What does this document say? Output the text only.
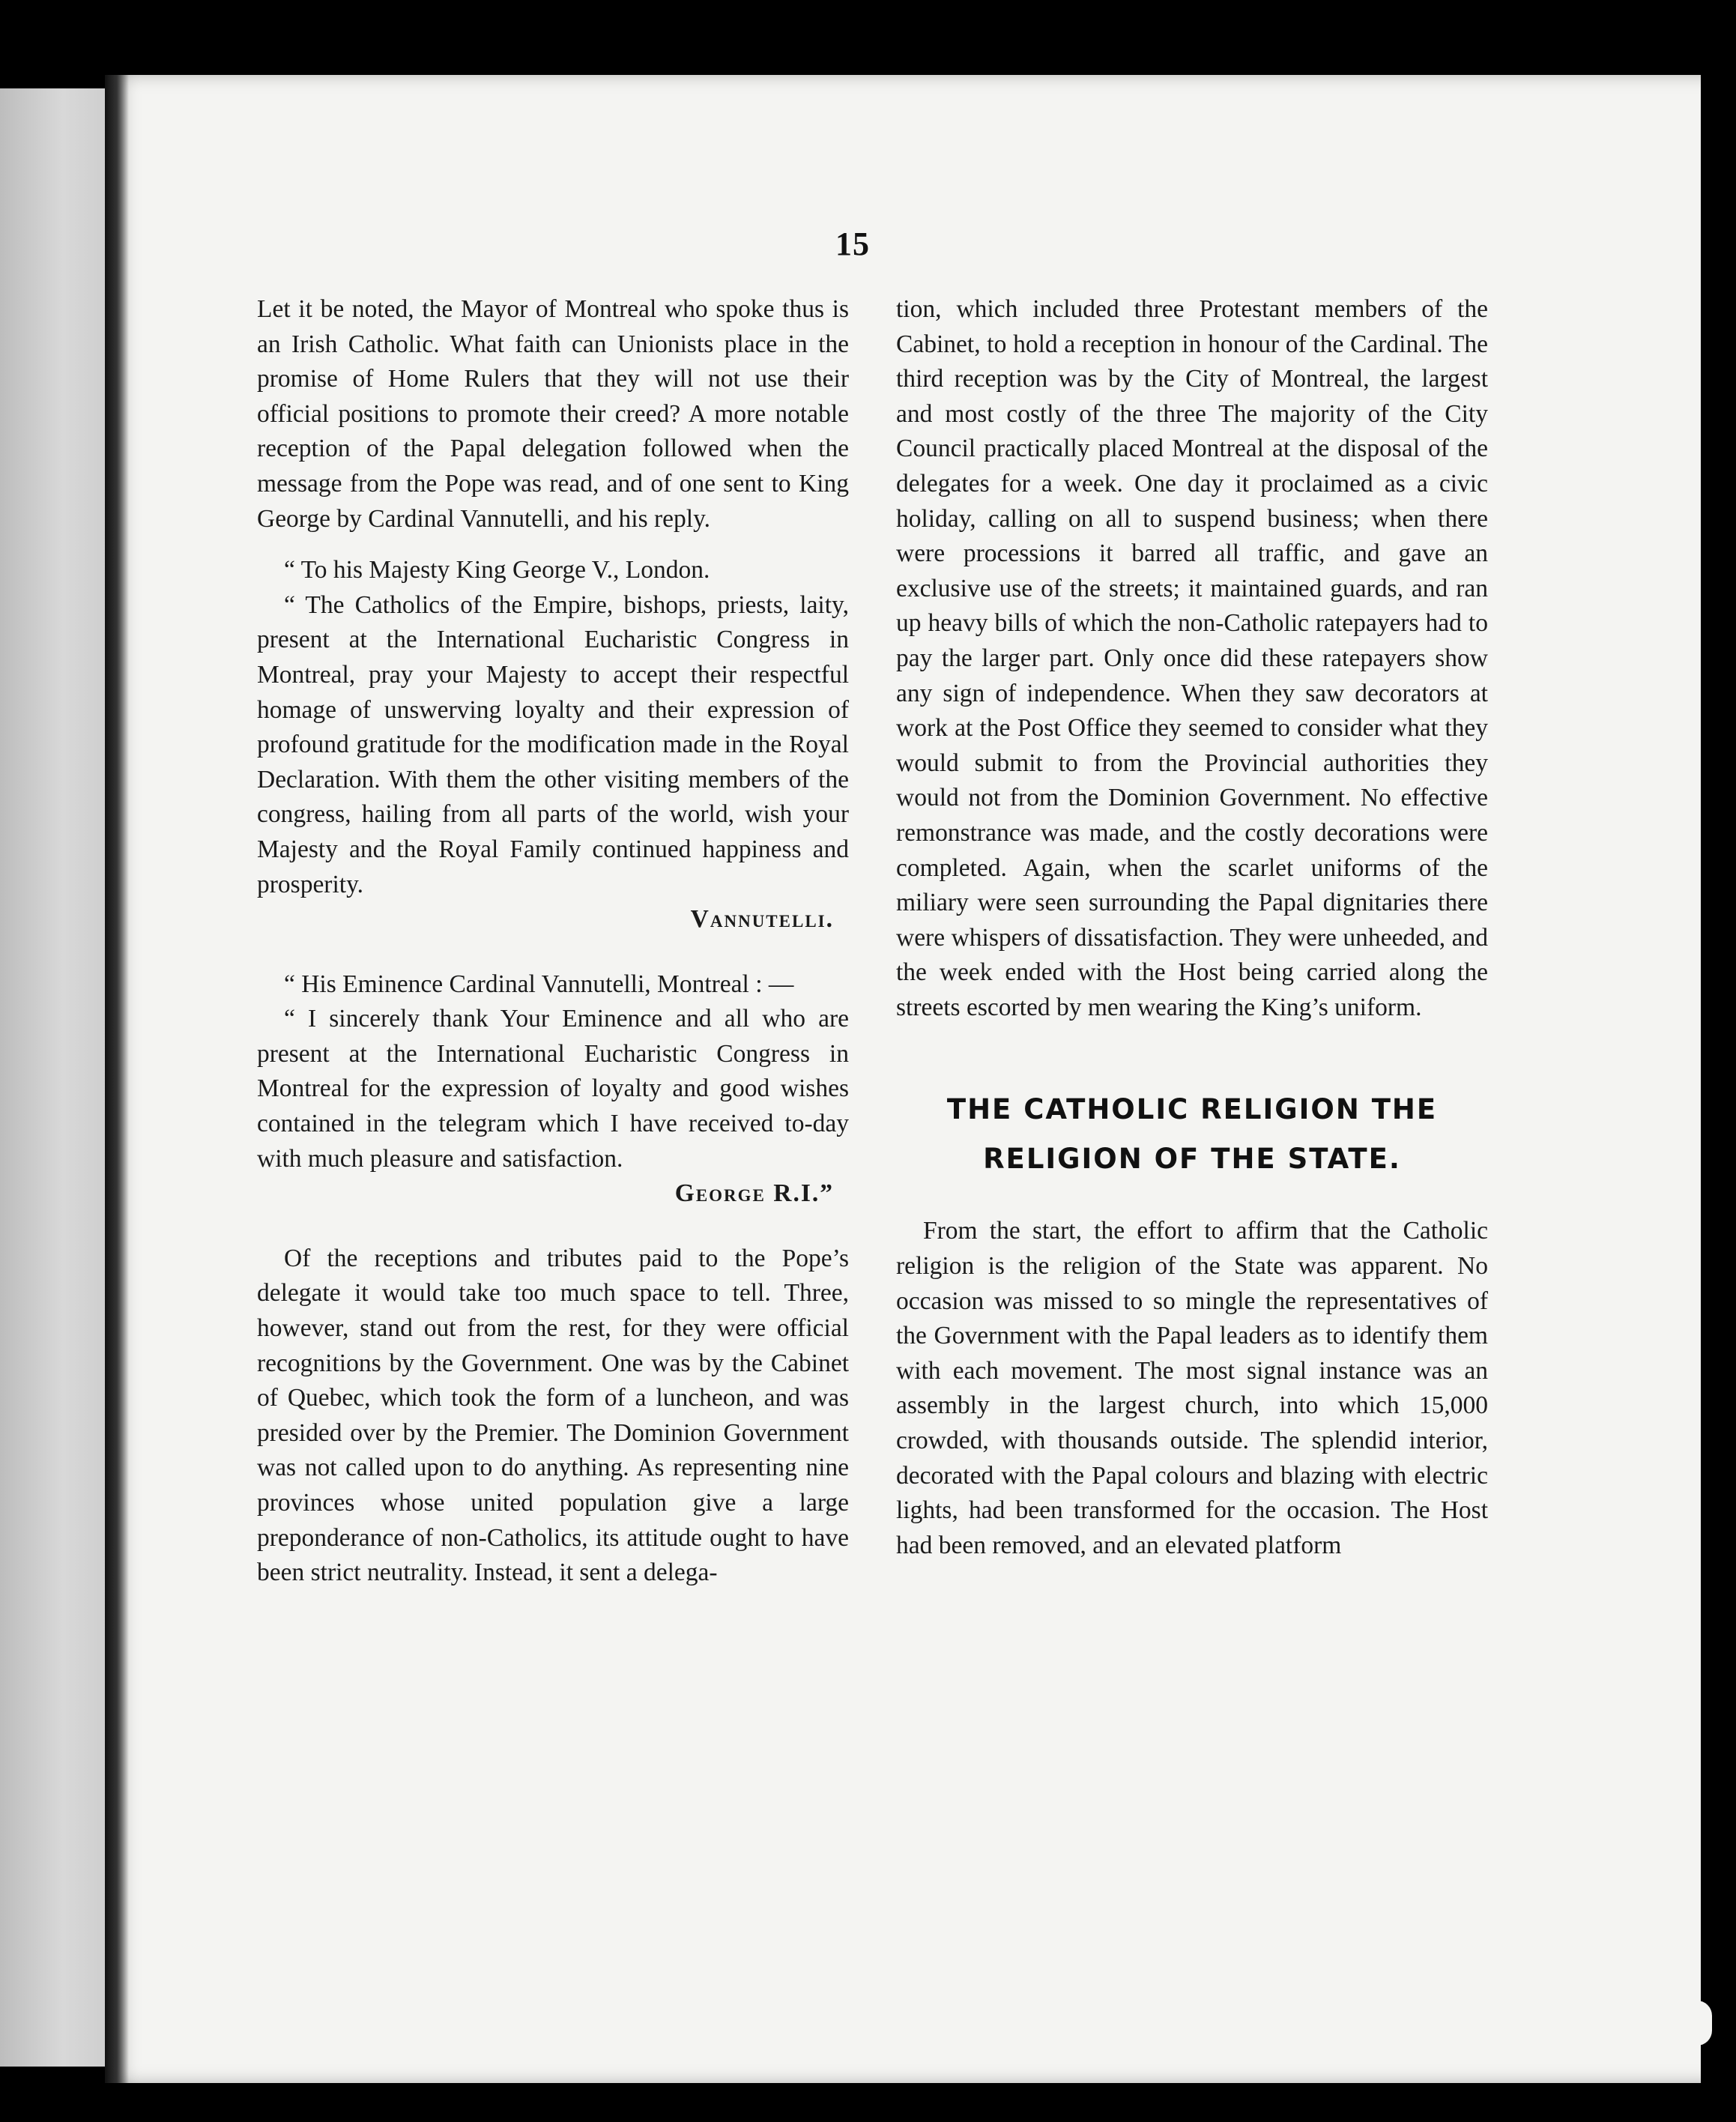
15

Let it be noted, the Mayor of Montreal who spoke thus is an Irish Catholic. What faith can Unionists place in the promise of Home Rulers that they will not use their official positions to promote their creed? A more notable reception of the Papal delegation followed when the message from the Pope was read, and of one sent to King George by Cardinal Vannutelli, and his reply.

“ To his Majesty King George V., London.

“ The Catholics of the Empire, bishops, priests, laity, present at the International Eucharistic Congress in Montreal, pray your Majesty to accept their respectful homage of unswerving loyalty and their expression of profound gratitude for the modification made in the Royal Declaration. With them the other visiting members of the congress, hailing from all parts of the world, wish your Majesty and the Royal Family continued happiness and prosperity.

Vannutelli.

“ His Eminence Cardinal Vannutelli, Montreal : —

“ I sincerely thank Your Eminence and all who are present at the International Eucharistic Congress in Montreal for the expression of loyalty and good wishes contained in the telegram which I have received to-day with much pleasure and satisfaction.

George R.I.”

Of the receptions and tributes paid to the Pope’s delegate it would take too much space to tell. Three, however, stand out from the rest, for they were official recognitions by the Government. One was by the Cabinet of Quebec, which took the form of a luncheon, and was presided over by the Premier. The Dominion Government was not called upon to do anything. As representing nine provinces whose united population give a large preponderance of non-Catholics, its attitude ought to have been strict neutrality. Instead, it sent a delega-

tion, which included three Protestant members of the Cabinet, to hold a reception in honour of the Cardinal. The third reception was by the City of Montreal, the largest and most costly of the three The majority of the City Council practically placed Montreal at the disposal of the delegates for a week. One day it proclaimed as a civic holiday, calling on all to suspend business; when there were processions it barred all traffic, and gave an exclusive use of the streets; it maintained guards, and ran up heavy bills of which the non-Catholic ratepayers had to pay the larger part. Only once did these ratepayers show any sign of independence. When they saw decorators at work at the Post Office they seemed to consider what they would submit to from the Provincial authorities they would not from the Dominion Government. No effective remonstrance was made, and the costly decorations were completed. Again, when the scarlet uniforms of the miliary were seen surrounding the Papal dignitaries there were whispers of dissatisfaction. They were unheeded, and the week ended with the Host being carried along the streets escorted by men wearing the King’s uniform.

THE CATHOLIC RELIGION THE
RELIGION OF THE STATE.

From the start, the effort to affirm that the Catholic religion is the religion of the State was apparent. No occasion was missed to so mingle the representatives of the Government with the Papal leaders as to identify them with each movement. The most signal instance was an assembly in the largest church, into which 15,000 crowded, with thousands outside. The splendid interior, decorated with the Papal colours and blazing with electric lights, had been transformed for the occasion. The Host had been removed, and an elevated platform
